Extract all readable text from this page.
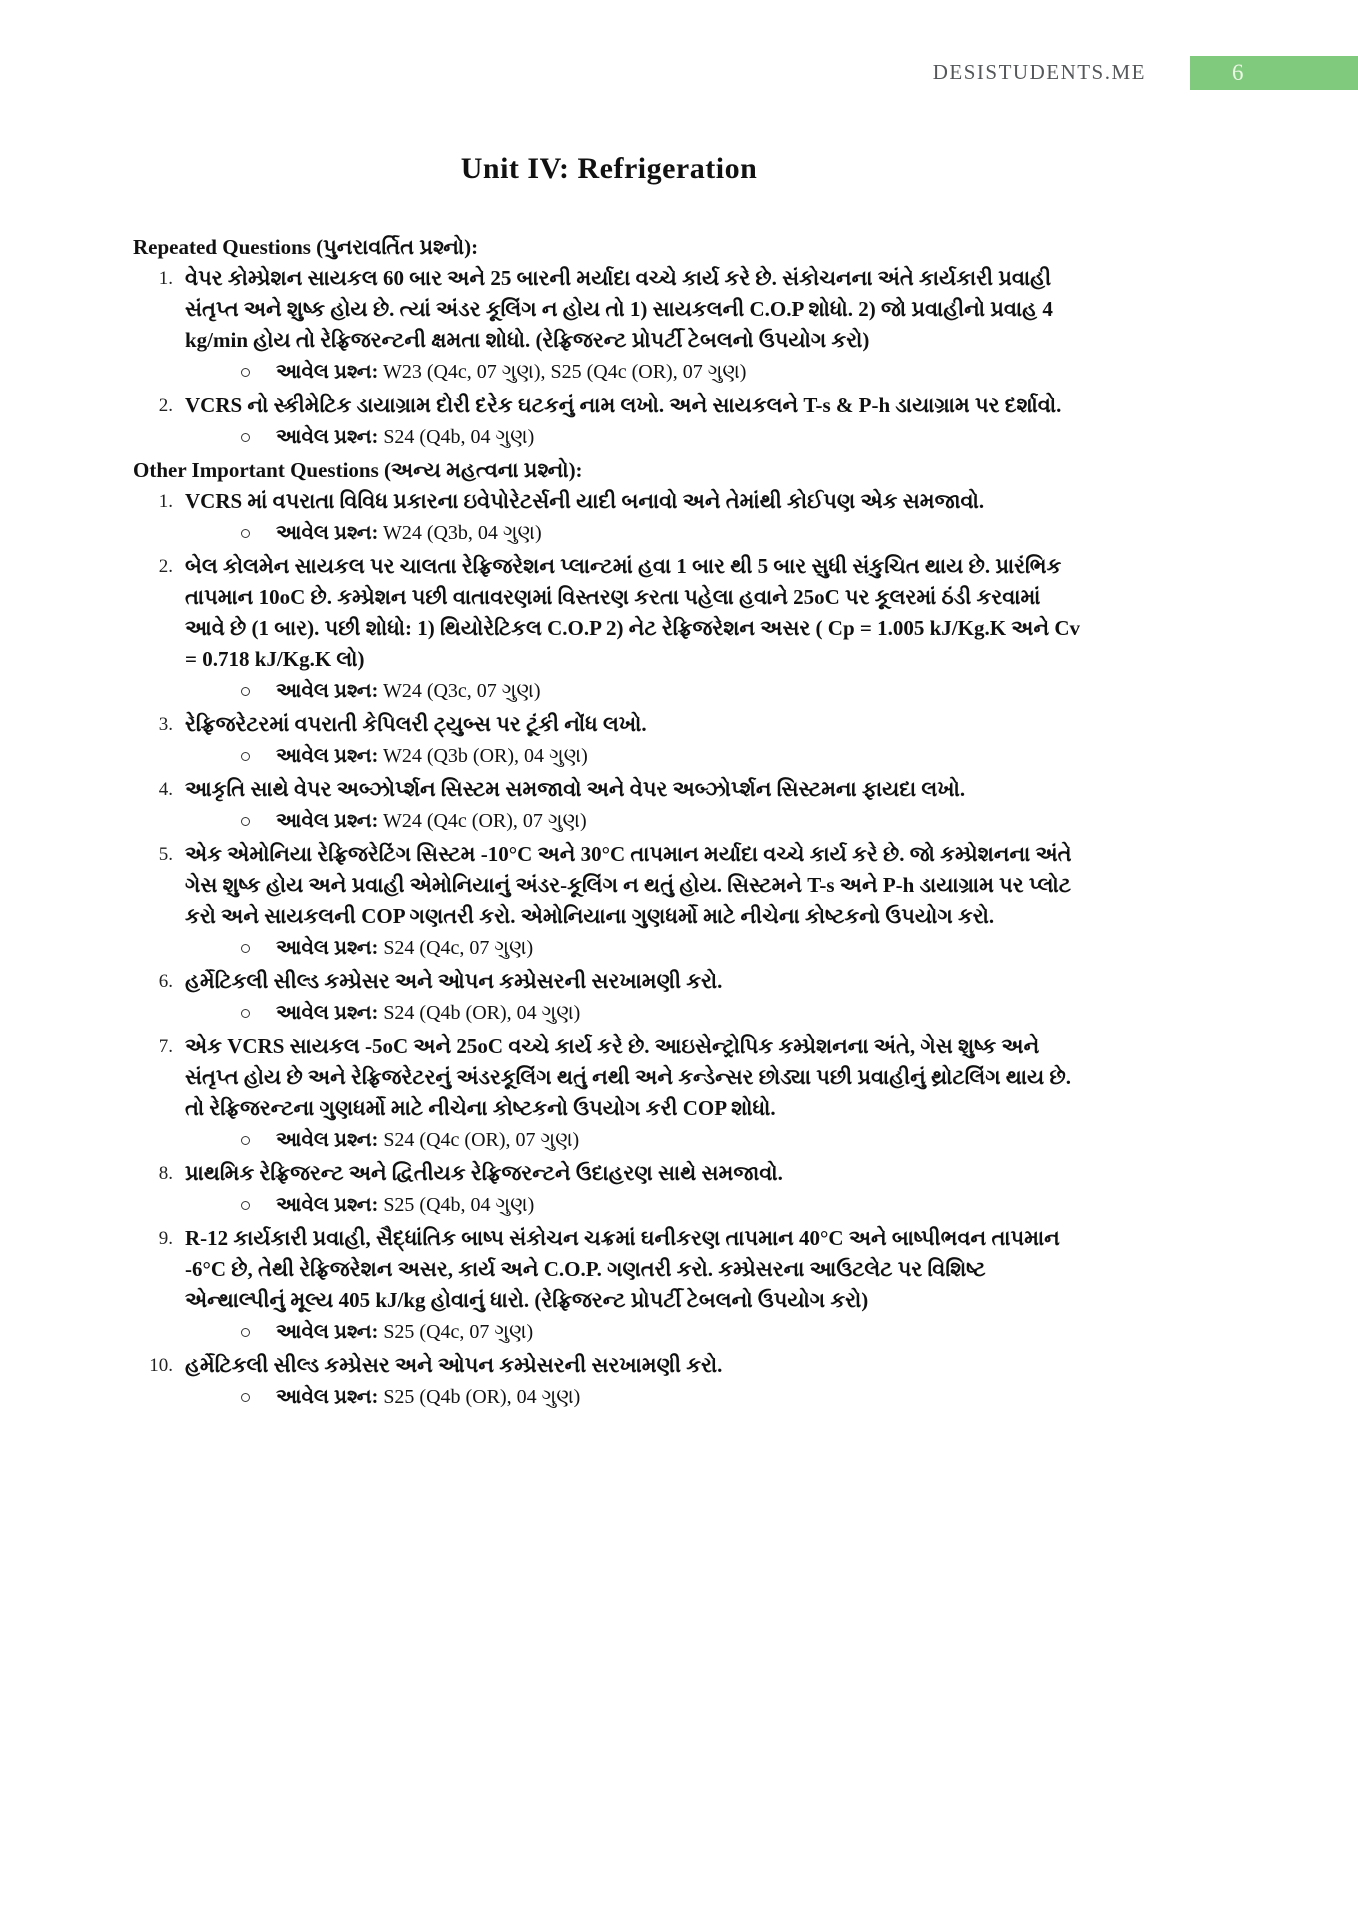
DESISTUDENTS.ME	6
Unit IV: Refrigeration
Repeated Questions (પુનરાવર્તિત પ્રશ્નો):
1. વેપર કોમ્પ્રેશન સાયકલ 60 બાર અને 25 બારની મર્યાદા વચ્ચે કાર્ય કરે છે. સંકોચનના અંતે કાર્યકારી પ્રવાહી સંતૃપ્ત અને શુષ્ક હોય છે. ત્યાં અંડર કૂલિંગ ન હોય તો 1) સાયકલની C.O.P શોધો. 2) જો પ્રવાહીનો પ્રવાહ 4 kg/min હોય તો રેફ્રિજરન્ટની ક્ષમતા શોધો. (રેફ્રિજરન્ટ પ્રોપર્ટી ટેબલનો ઉપયોગ કરો)

આવેલ પ્રશ્ન: W23 (Q4c, 07 ગુણ), S25 (Q4c (OR), 07 ગુણ)
2. VCRS નો સ્કીમેટિક ડાયાગ્રામ દોરી દરેક ઘટકનું નામ લખો. અને સાયકલને T-s & P-h ડાયાગ્રામ પર દર્શાવો.

આવેલ પ્રશ્ન: S24 (Q4b, 04 ગુણ)
Other Important Questions (અન્ય મહત્વના પ્રશ્નો):
1. VCRS માં વપરાતા વિવિધ પ્રકારના ઇવેપોરેટર્સની યાદી બનાવો અને તેમાંથી કોઈપણ એક સમજાવો.

આવેલ પ્રશ્ન: W24 (Q3b, 04 ગુણ)
2. બેલ કોલમેન સાયકલ પર ચાલતા રેફ્રિજરેશન પ્લાન્ટમાં હવા 1 બાર થી 5 બાર સુધી સંકુચિત થાય છે. પ્રારંભિક તાપમાન 10oC છે. કમ્પ્રેશન પછી વાતાવરણમાં વિસ્તરણ કરતા પહેલા હવાને 25oC પર કૂલરમાં ઠંડી કરવામાં આવે છે (1 બાર). પછી શોધો: 1) થિયોરેટિકલ C.O.P 2) નેટ રેફ્રિજરેશન અસર ( Cp = 1.005 kJ/Kg.K અને Cv = 0.718 kJ/Kg.K લો)

આવેલ પ્રશ્ન: W24 (Q3c, 07 ગુણ)
3. રેફ્રિજરેટરમાં વપરાતી કેપિલરી ટ્યુબ્સ પર ટૂંકી નોંધ લખો.

આવેલ પ્રશ્ન: W24 (Q3b (OR), 04 ગુણ)
4. આકૃતિ સાથે વેપર અબ્ઝોર્પ્શન સિસ્ટમ સમજાવો અને વેપર અબ્ઝોર્પ્શન સિસ્ટમના ફાયદા લખો.

આવેલ પ્રશ્ન: W24 (Q4c (OR), 07 ગુણ)
5. એક એમોનિયા રેફ્રિજરેટિંગ સિસ્ટમ -10°C અને 30°C તાપમાન મર્યાદા વચ્ચે કાર્ય કરે છે. જો કમ્પ્રેશનના અંતે ગેસ શુષ્ક હોય અને પ્રવાહી એમોનિયાનું અંડર-કૂલિંગ ન થતું હોય. સિસ્ટમને T-s અને P-h ડાયાગ્રામ પર પ્લોટ કરો અને સાયકલની COP ગણતરી કરો. એમોનિયાના ગુણધર્મો માટે નીચેના કોષ્ટકનો ઉપયોગ કરો.

આવેલ પ્રશ્ન: S24 (Q4c, 07 ગુણ)
6. હર્મેટિકલી સીલ્ડ કમ્પ્રેસર અને ઓપન કમ્પ્રેસરની સરખામણી કરો.

આવેલ પ્રશ્ન: S24 (Q4b (OR), 04 ગુણ)
7. એક VCRS સાયકલ -5oC અને 25oC વચ્ચે કાર્ય કરે છે. આઇસેન્ટ્રોપિક કમ્પ્રેશનના અંતે, ગેસ શુષ્ક અને સંતૃપ્ત હોય છે અને રેફ્રિજરેટરનું અંડરકૂલિંગ થતું નથી અને કન્ડેન્સર છોડ્યા પછી પ્રવાહીનું થ્રોટલિંગ થાય છે. તો રેફ્રિજરન્ટના ગુણધર્મો માટે નીચેના કોષ્ટકનો ઉપયોગ કરી COP શોધો.

આવેલ પ્રશ્ન: S24 (Q4c (OR), 07 ગુણ)
8. પ્રાથમિક રેફ્રિજરન્ટ અને દ્વિતીયક રેફ્રિજરન્ટને ઉદાહરણ સાથે સમજાવો.

આવેલ પ્રશ્ન: S25 (Q4b, 04 ગુણ)
9. R-12 કાર્યકારી પ્રવાહી, સૈદ્ધાંતિક બાષ્પ સંકોચન ચક્રમાં ઘનીકરણ તાપમાન 40°C અને બાષ્પીભવન તાપમાન -6°C છે, તેથી રેફ્રિજરેશન અસર, કાર્ય અને C.O.P. ગણતરી કરો. કમ્પ્રેસરના આઉટલેટ પર વિશિષ્ટ એન્થાલ્પીનું મૂલ્ય 405 kJ/kg હોવાનું ધારો. (રેફ્રિજરન્ટ પ્રોપર્ટી ટેબલનો ઉપયોગ કરો)

આવેલ પ્રશ્ન: S25 (Q4c, 07 ગુણ)
10. હર્મેટિકલી સીલ્ડ કમ્પ્રેસર અને ઓપન કમ્પ્રેસરની સરખામણી કરો.

આવેલ પ્રશ્ન: S25 (Q4b (OR), 04 ગુણ)
